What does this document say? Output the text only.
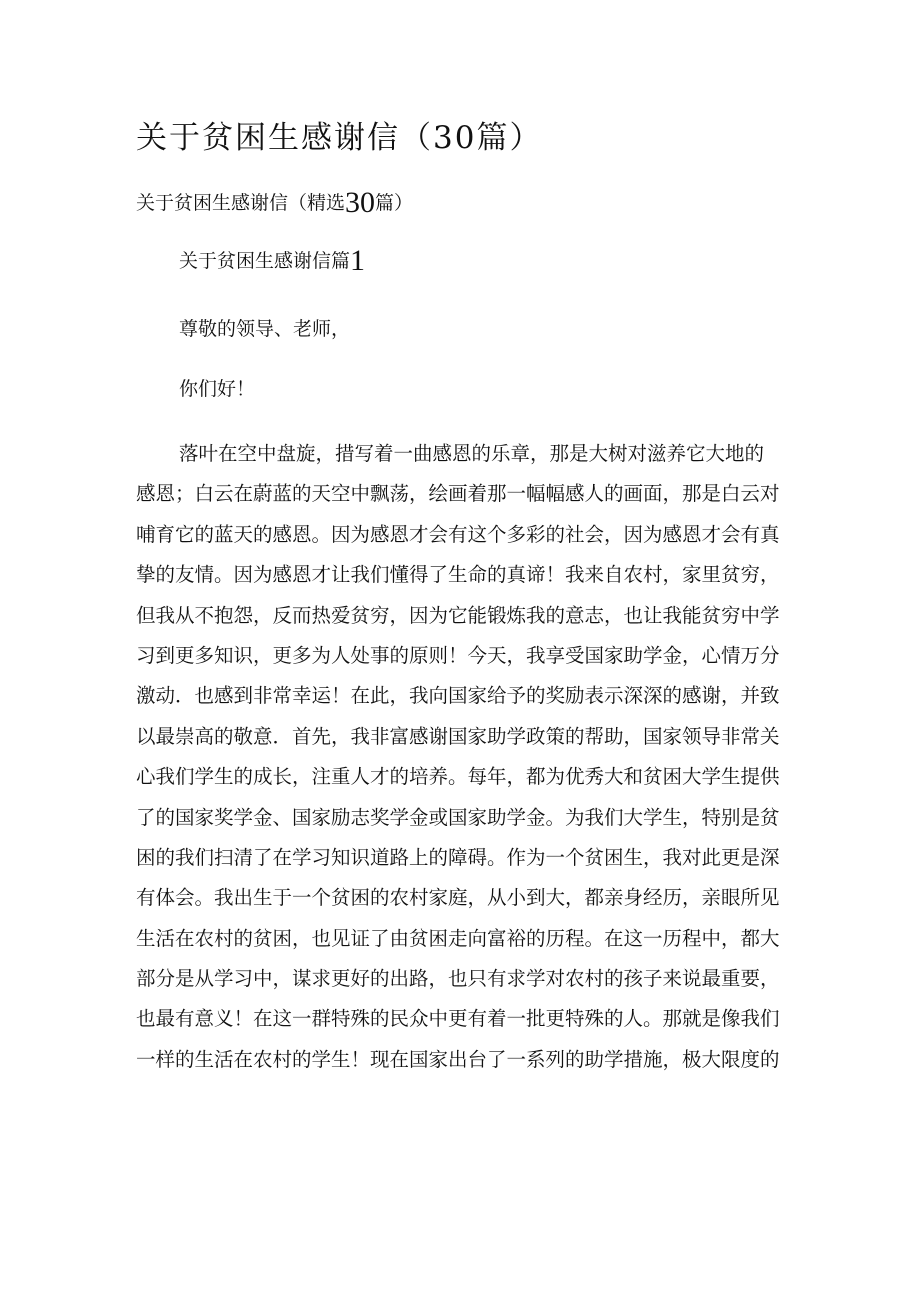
关于贫困生感谢信（30篇）

关于贫困生感谢信（精选30篇）

关于贫困生感谢信篇1

尊敬的领导、老师，

你们好！

落叶在空中盘旋，措写着一曲感恩的乐章，那是大树对滋养它大地的
感恩；白云在蔚蓝的天空中飘荡，绘画着那一幅幅感人的画面，那是白云对
哺育它的蓝天的感恩。因为感恩才会有这个多彩的社会，因为感恩才会有真
挚的友情。因为感恩才让我们懂得了生命的真谛！我来自农村，家里贫穷，
但我从不抱怨，反而热爱贫穷，因为它能锻炼我的意志，也让我能贫穷中学
习到更多知识，更多为人处事的原则！今天，我享受国家助学金，心情万分
激动．也感到非常幸运！在此，我向国家给予的奖励表示深深的感谢，并致
以最崇高的敬意．首先，我非富感谢国家助学政策的帮助，国家领导非常关
心我们学生的成长，注重人才的培养。每年，都为优秀大和贫困大学生提供
了的国家奖学金、国家励志奖学金或国家助学金。为我们大学生，特别是贫
困的我们扫清了在学习知识道路上的障碍。作为一个贫困生，我对此更是深
有体会。我出生于一个贫困的农村家庭，从小到大，都亲身经历，亲眼所见
生活在农村的贫困，也见证了由贫困走向富裕的历程。在这一历程中，都大
部分是从学习中，谋求更好的出路，也只有求学对农村的孩子来说最重要，
也最有意义！在这一群特殊的民众中更有着一批更特殊的人。那就是像我们
一样的生活在农村的学生！现在国家出台了一系列的助学措施，极大限度的
